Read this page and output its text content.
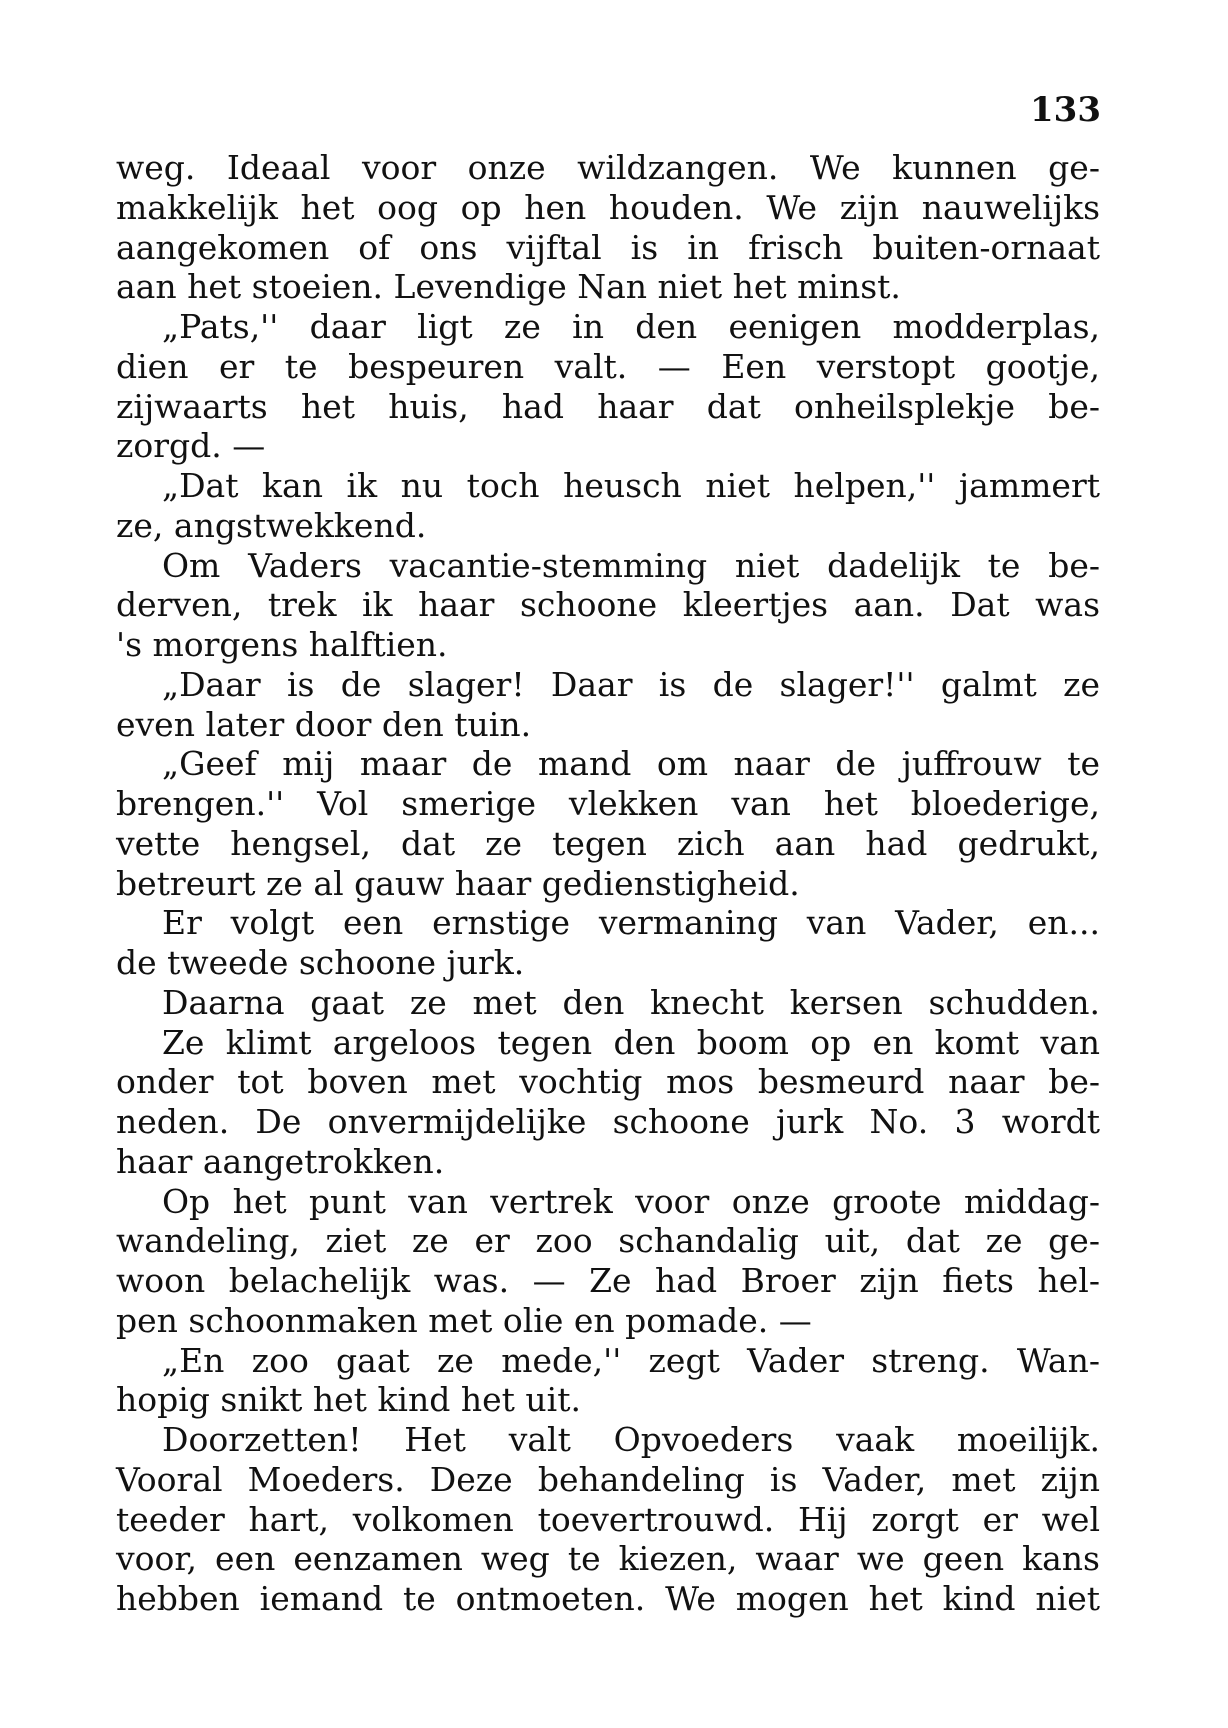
133
weg. Ideaal voor onze wildzangen. We kunnen ge-
makkelijk het oog op hen houden. We zijn nauwelijks
aangekomen of ons vijftal is in frisch buiten-ornaat
aan het stoeien. Levendige Nan niet het minst.
„Pats,'' daar ligt ze in den eenigen modderplas,
dien er te bespeuren valt. — Een verstopt gootje,
zijwaarts het huis, had haar dat onheilsplekje be-
zorgd. —
„Dat kan ik nu toch heusch niet helpen,'' jammert
ze, angstwekkend.
Om Vaders vacantie-stemming niet dadelijk te be-
derven, trek ik haar schoone kleertjes aan. Dat was
's morgens halftien.
„Daar is de slager! Daar is de slager!'' galmt ze
even later door den tuin.
„Geef mij maar de mand om naar de juffrouw te
brengen.'' Vol smerige vlekken van het bloederige,
vette hengsel, dat ze tegen zich aan had gedrukt,
betreurt ze al gauw haar gedienstigheid.
Er volgt een ernstige vermaning van Vader, en...
de tweede schoone jurk.
Daarna gaat ze met den knecht kersen schudden.
Ze klimt argeloos tegen den boom op en komt van
onder tot boven met vochtig mos besmeurd naar be-
neden. De onvermijdelijke schoone jurk No. 3 wordt
haar aangetrokken.
Op het punt van vertrek voor onze groote middag-
wandeling, ziet ze er zoo schandalig uit, dat ze ge-
woon belachelijk was. — Ze had Broer zijn fiets hel-
pen schoonmaken met olie en pomade. —
„En zoo gaat ze mede,'' zegt Vader streng. Wan-
hopig snikt het kind het uit.
Doorzetten! Het valt Opvoeders vaak moeilijk.
Vooral Moeders. Deze behandeling is Vader, met zijn
teeder hart, volkomen toevertrouwd. Hij zorgt er wel
voor, een eenzamen weg te kiezen, waar we geen kans
hebben iemand te ontmoeten. We mogen het kind niet
